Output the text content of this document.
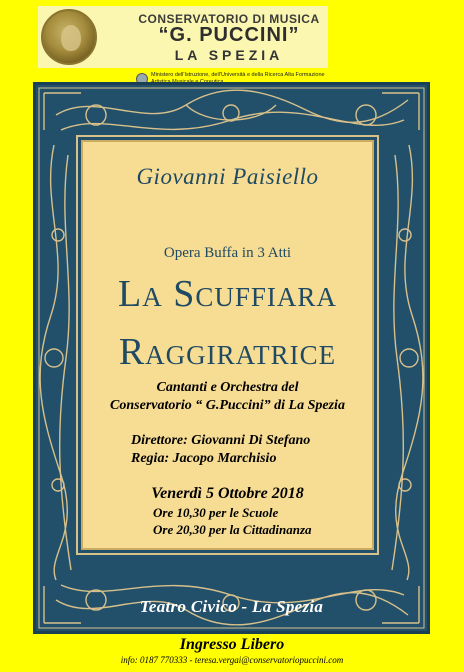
CONSERVATORIO DI MUSICA
“G. PUCCINI”
LA SPEZIA
Ministero dell'Istruzione, dell'Università e della Ricerca Alta Formazione
Giovanni Paisiello
Opera Buffa in 3 Atti
La Scuffiara
Raggiratrice
Cantanti e Orchestra del
Conservatorio “ G.Puccini” di La Spezia
Direttore: Giovanni Di Stefano
Regia: Jacopo Marchisio
Venerdì 5 Ottobre 2018
Ore 10,30 per le Scuole
Ore 20,30 per la Cittadinanza
Teatro Civico - La Spezia
Ingresso Libero
info: 0187 770333 - teresa.vergai@conservatoriopuccini.com
